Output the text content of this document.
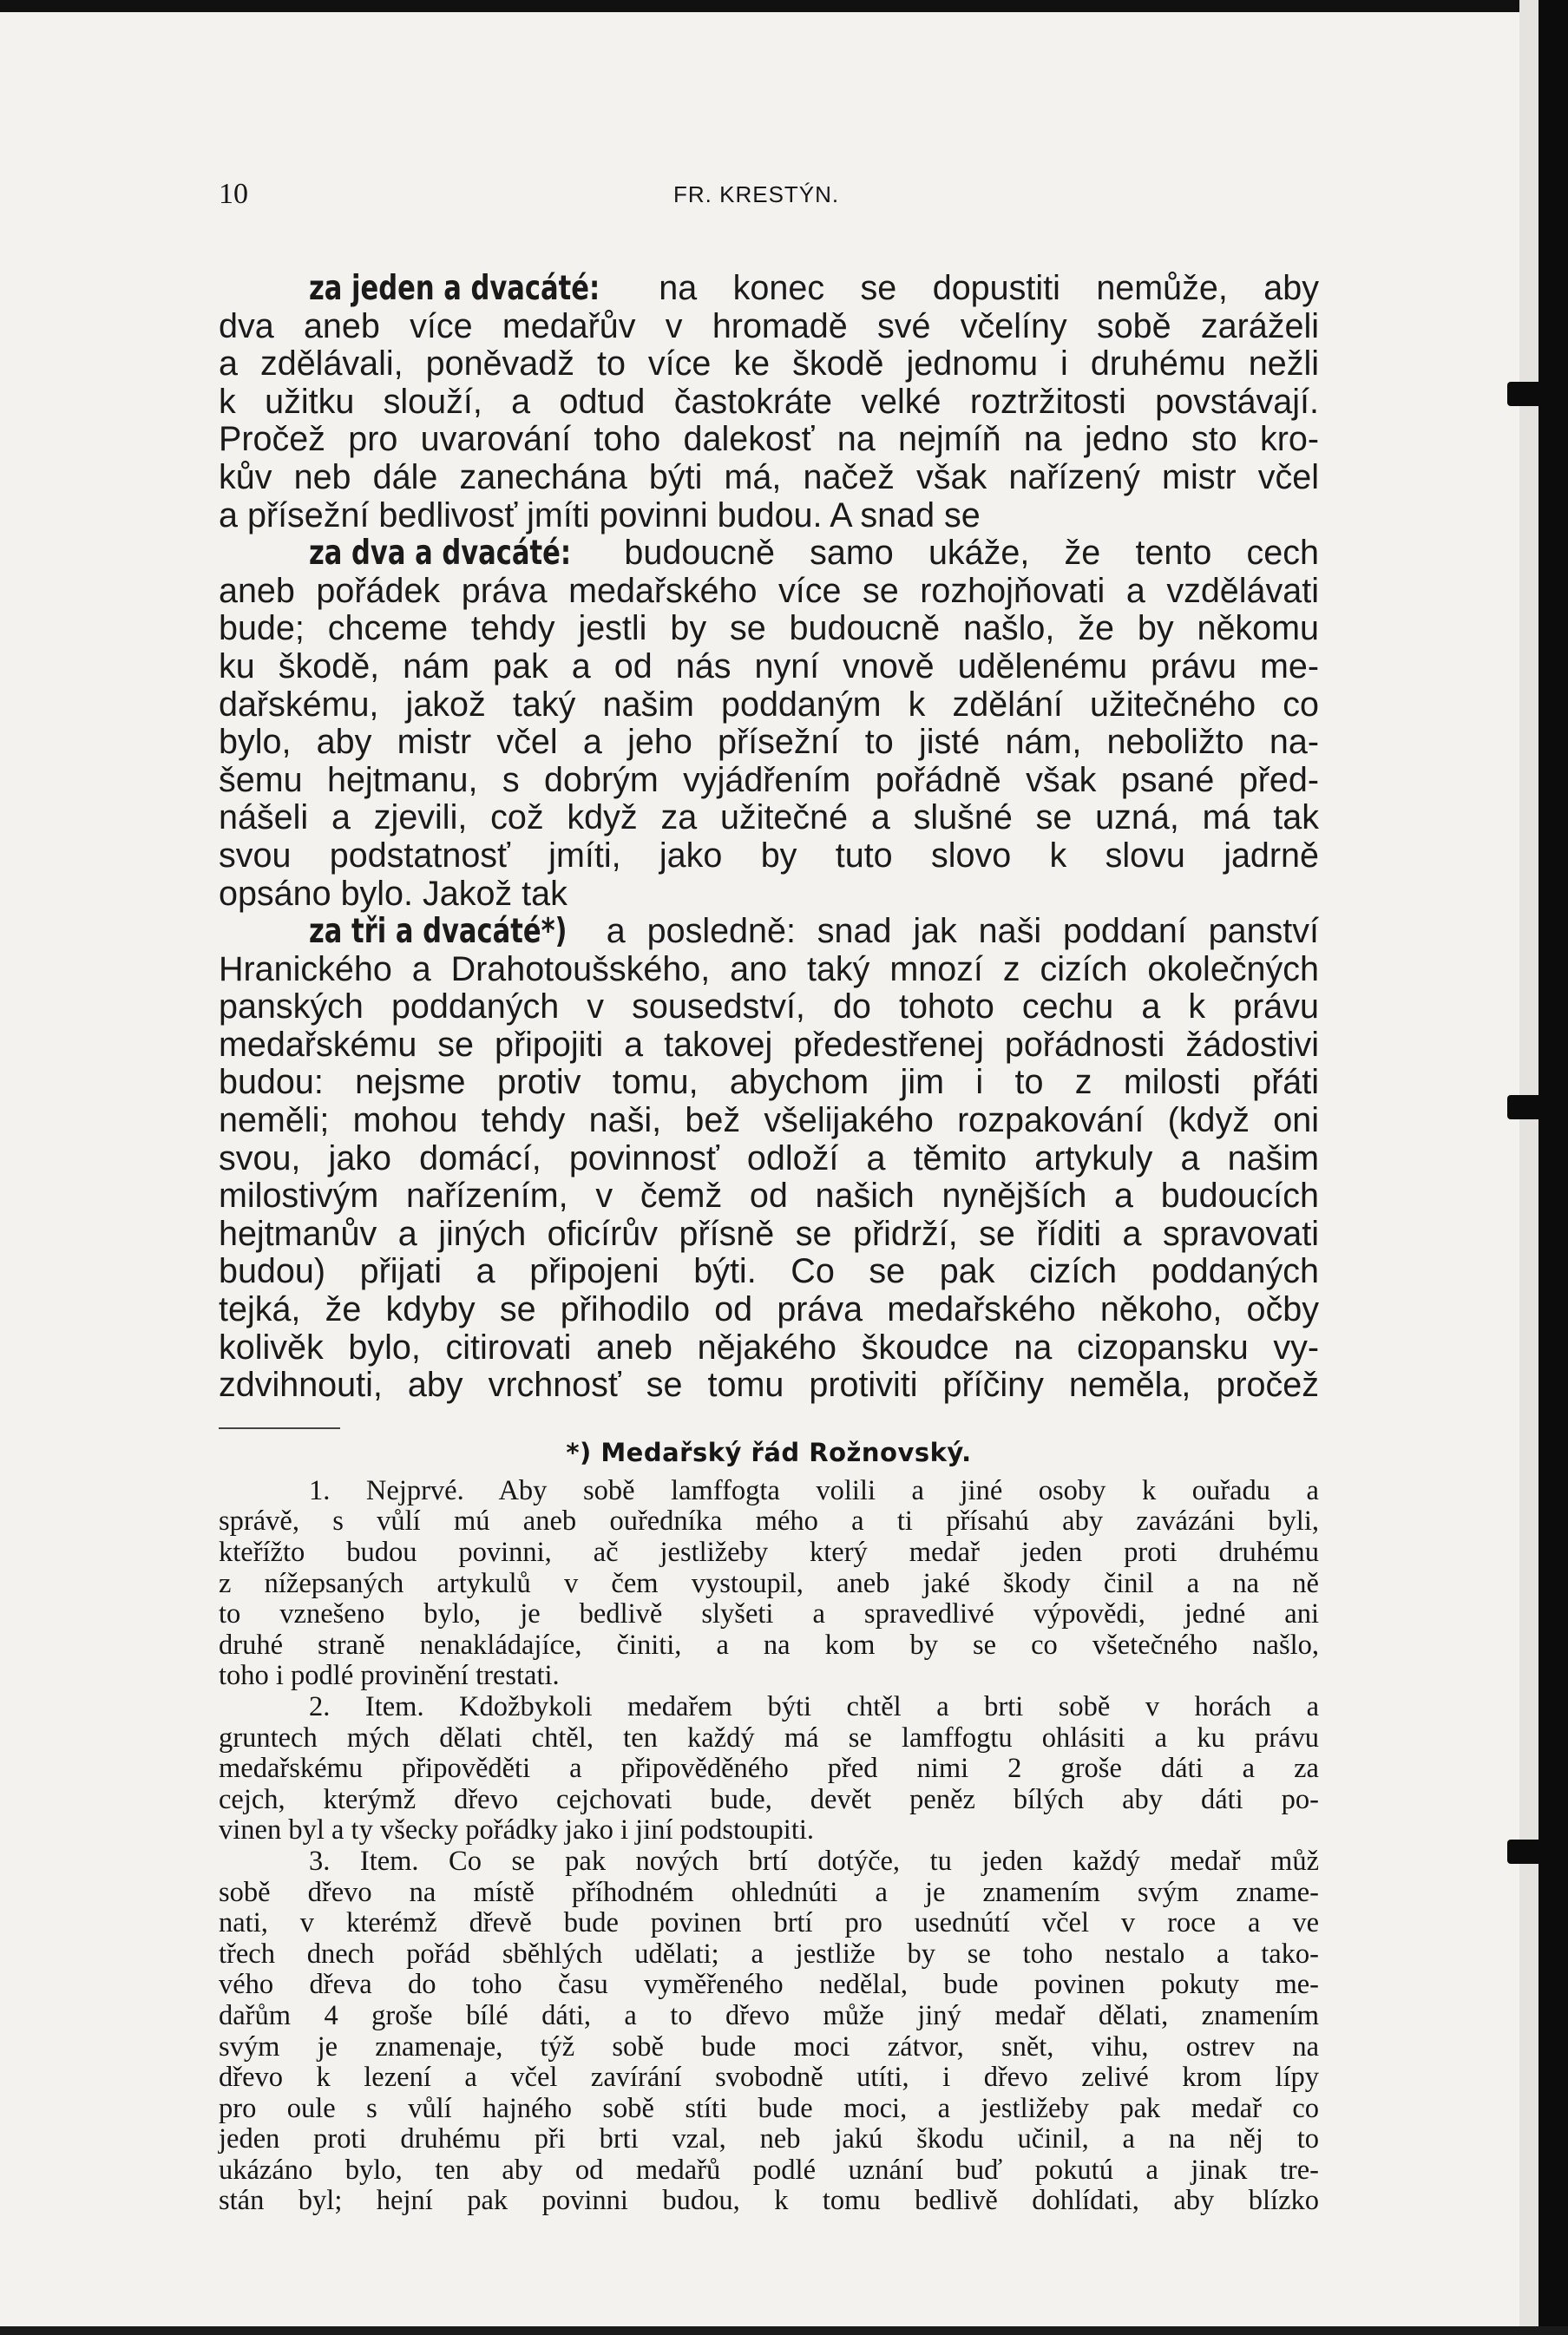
10	FR. KRESTÝN.
za jeden a dvacáté: na konec se dopustiti nemůže, aby
dva aneb více medařův v hromadě své včelíny sobě zaráželi
a zdělávali, poněvadž to více ke škodě jednomu i druhému nežli
k užitku slouží, a odtud častokráte velké roztržitosti povstávají.
Pročež pro uvarování toho dalekosť na nejmíň na jedno sto kro-
kův neb dále zanechána býti má, načež však nařízený mistr včel
a přísežní bedlivosť jmíti povinni budou. A snad se
za dva a dvacáté: budoucně samo ukáže, že tento cech
aneb pořádek práva medařského více se rozhojňovati a vzdělávati
bude; chceme tehdy jestli by se budoucně našlo, že by někomu
ku škodě, nám pak a od nás nyní vnově udělenému právu me-
dařskému, jakož taký našim poddaným k zdělání užitečného co
bylo, aby mistr včel a jeho přísežní to jisté nám, neboližto na-
šemu hejtmanu, s dobrým vyjádřením pořádně však psané před-
nášeli a zjevili, což když za užitečné a slušné se uzná, má tak
svou podstatnosť jmíti, jako by tuto slovo k slovu jadrně
opsáno bylo. Jakož tak
za tři a dvacáté*) a posledně: snad jak naši poddaní panství
Hranického a Drahotoušského, ano taký mnozí z cizích okolečných
panských poddaných v sousedství, do tohoto cechu a k právu
medařskému se připojiti a takovej předestřenej pořádnosti žádostivi
budou: nejsme protiv tomu, abychom jim i to z milosti přáti
neměli; mohou tehdy naši, bež všelijakého rozpakování (když oni
svou, jako domácí, povinnosť odloží a těmito artykuly a našim
milostivým nařízením, v čemž od našich nynějších a budoucích
hejtmanův a jiných oficírův přísně se přidrží, se říditi a spravovati
budou) přijati a připojeni býti. Co se pak cizích poddaných
tejká, že kdyby se přihodilo od práva medařského někoho, očby
kolivěk bylo, citirovati aneb nějakého škoudce na cizopansku vy-
zdvihnouti, aby vrchnosť se tomu protiviti příčiny neměla, pročež
*) Medařský řád Rožnovský.
1. Nejprvé. Aby sobě lamffogta volili a jiné osoby k ouřadu a
správě, s vůlí mú aneb ouředníka mého a ti přísahú aby zavázáni byli,
kteřížto budou povinni, ač jestližeby který medař jeden proti druhému
z nížepsaných artykulů v čem vystoupil, aneb jaké škody činil a na ně
to vznešeno bylo, je bedlivě slyšeti a spravedlivé výpovědi, jedné ani
druhé straně nenakládajíce, činiti, a na kom by se co všetečného našlo,
toho i podlé provinění trestati.
2. Item. Kdožbykoli medařem býti chtěl a brti sobě v horách a
gruntech mých dělati chtěl, ten každý má se lamffogtu ohlásiti a ku právu
medařskému připověděti a připověděného před nimi 2 groše dáti a za
cejch, kterýmž dřevo cejchovati bude, devět peněz bílých aby dáti po-
vinen byl a ty všecky pořádky jako i jiní podstoupiti.
3. Item. Co se pak nových brtí dotýče, tu jeden každý medař můž
sobě dřevo na místě příhodném ohlednúti a je znamením svým zname-
nati, v kterémž dřevě bude povinen brtí pro usednútí včel v roce a ve
třech dnech pořád sběhlých udělati; a jestliže by se toho nestalo a tako-
vého dřeva do toho času vyměřeného nedělal, bude povinen pokuty me-
dařům 4 groše bílé dáti, a to dřevo může jiný medař dělati, znamením
svým je znamenaje, týž sobě bude moci zátvor, snět, vihu, ostrev na
dřevo k lezení a včel zavírání svobodně utíti, i dřevo zelivé krom lípy
pro oule s vůlí hajného sobě stíti bude moci, a jestližeby pak medař co
jeden proti druhému při brti vzal, neb jakú škodu učinil, a na něj to
ukázáno bylo, ten aby od medařů podlé uznání buď pokutú a jinak tre-
stán byl; hejní pak povinni budou, k tomu bedlivě dohlídati, aby blízko
